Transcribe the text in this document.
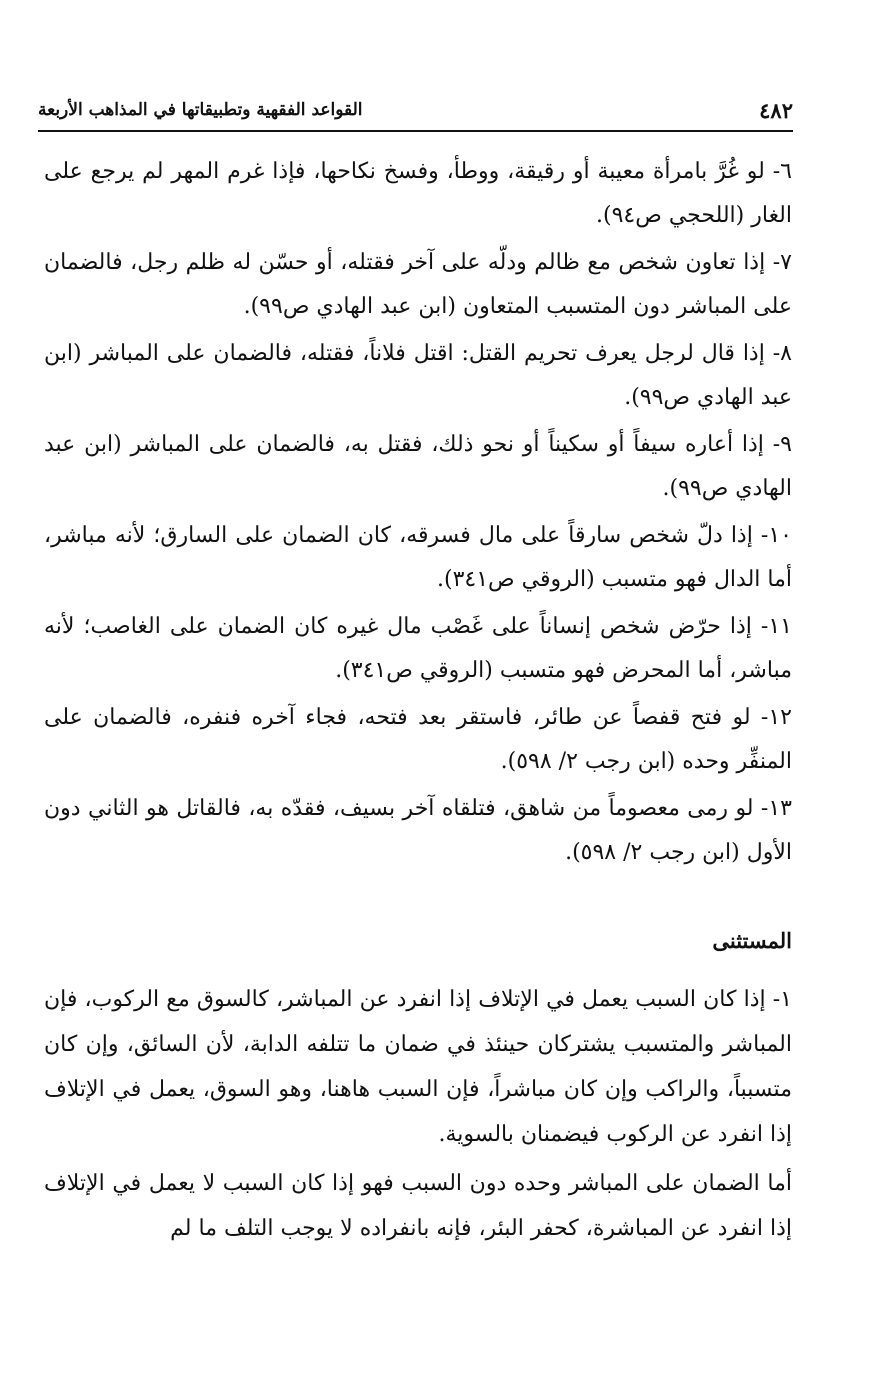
٤٨٢
القواعد الفقهية وتطبيقاتها في المذاهب الأربعة

٦- لو غُرَّ بامرأة معيبة أو رقيقة، ووطأ، وفسخ نكاحها، فإذا غرم المهر لم يرجع على الغار (اللحجي ص٩٤).

٧- إذا تعاون شخص مع ظالم ودلّه على آخر فقتله، أو حسّن له ظلم رجل، فالضمان على المباشر دون المتسبب المتعاون (ابن عبد الهادي ص٩٩).

٨- إذا قال لرجل يعرف تحريم القتل: اقتل فلاناً، فقتله، فالضمان على المباشر (ابن عبد الهادي ص٩٩).

٩- إذا أعاره سيفاً أو سكيناً أو نحو ذلك، فقتل به، فالضمان على المباشر (ابن عبد الهادي ص٩٩).

١٠- إذا دلّ شخص سارقاً على مال فسرقه، كان الضمان على السارق؛ لأنه مباشر، أما الدال فهو متسبب (الروقي ص٣٤١).

١١- إذا حرّض شخص إنساناً على غَصْب مال غيره كان الضمان على الغاصب؛ لأنه مباشر، أما المحرض فهو متسبب (الروقي ص٣٤١).

١٢- لو فتح قفصاً عن طائر، فاستقر بعد فتحه، فجاء آخره فنفره، فالضمان على المنفِّر وحده (ابن رجب ٢/ ٥٩٨).

١٣- لو رمى معصوماً من شاهق، فتلقاه آخر بسيف، فقدّه به، فالقاتل هو الثاني دون الأول (ابن رجب ٢/ ٥٩٨).

المستثنى

١- إذا كان السبب يعمل في الإتلاف إذا انفرد عن المباشر، كالسوق مع الركوب، فإن المباشر والمتسبب يشتركان حينئذ في ضمان ما تتلفه الدابة، لأن السائق، وإن كان متسبباً، والراكب وإن كان مباشراً، فإن السبب هاهنا، وهو السوق، يعمل في الإتلاف إذا انفرد عن الركوب فيضمنان بالسوية.

أما الضمان على المباشر وحده دون السبب فهو إذا كان السبب لا يعمل في الإتلاف إذا انفرد عن المباشرة، كحفر البئر، فإنه بانفراده لا يوجب التلف ما لم
